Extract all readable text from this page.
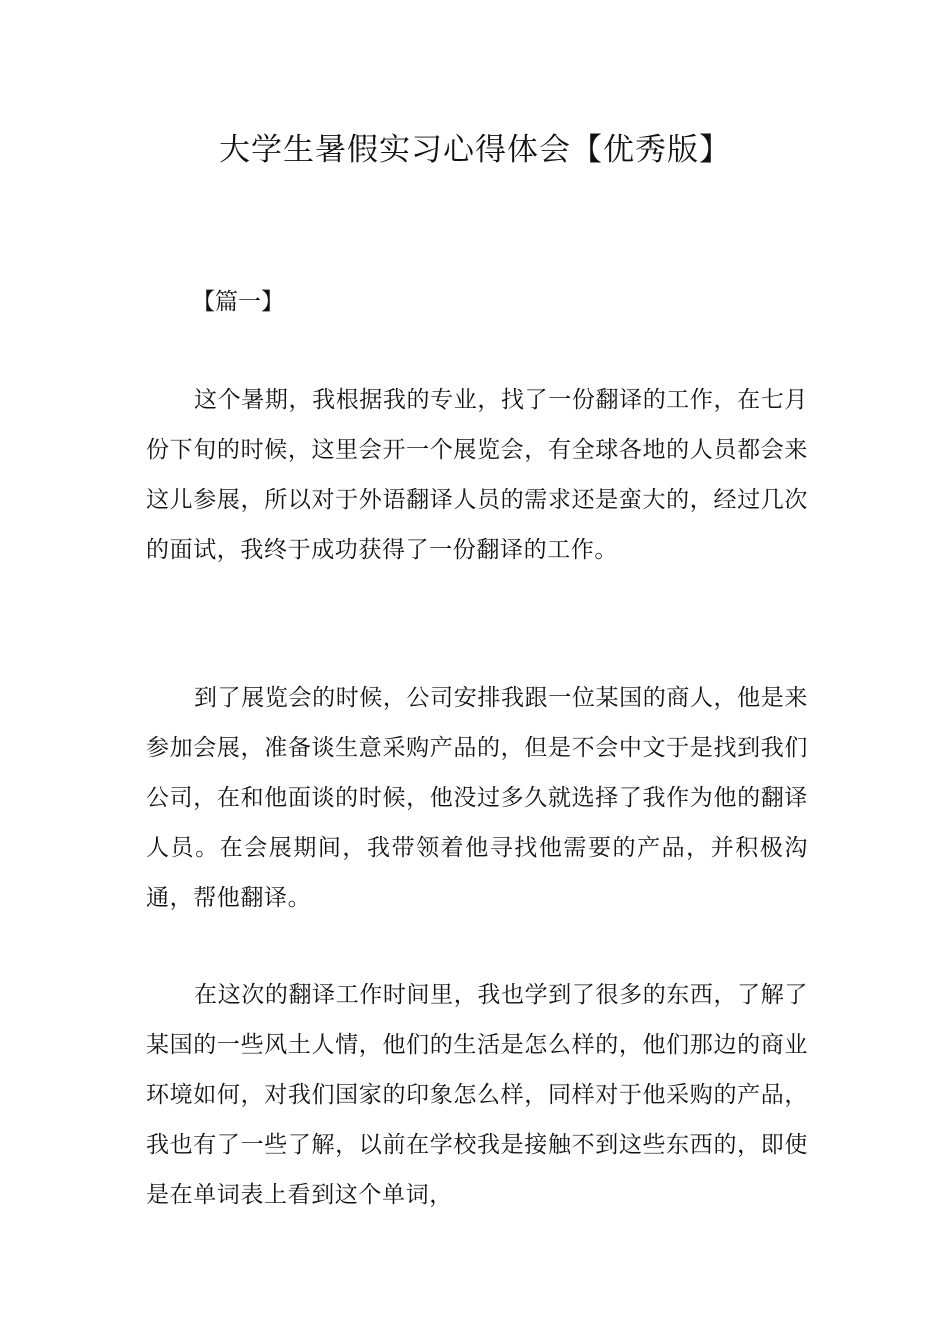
大学生暑假实习心得体会【优秀版】

【篇一】

这个暑期，我根据我的专业，找了一份翻译的工作，在七月份下旬的时候，这里会开一个展览会，有全球各地的人员都会来这儿参展，所以对于外语翻译人员的需求还是蛮大的，经过几次的面试，我终于成功获得了一份翻译的工作。

到了展览会的时候，公司安排我跟一位某国的商人，他是来参加会展，准备谈生意采购产品的，但是不会中文于是找到我们公司，在和他面谈的时候，他没过多久就选择了我作为他的翻译人员。在会展期间，我带领着他寻找他需要的产品，并积极沟通，帮他翻译。

在这次的翻译工作时间里，我也学到了很多的东西，了解了某国的一些风土人情，他们的生活是怎么样的，他们那边的商业环境如何，对我们国家的印象怎么样，同样对于他采购的产品，我也有了一些了解，以前在学校我是接触不到这些东西的，即使是在单词表上看到这个单词，
